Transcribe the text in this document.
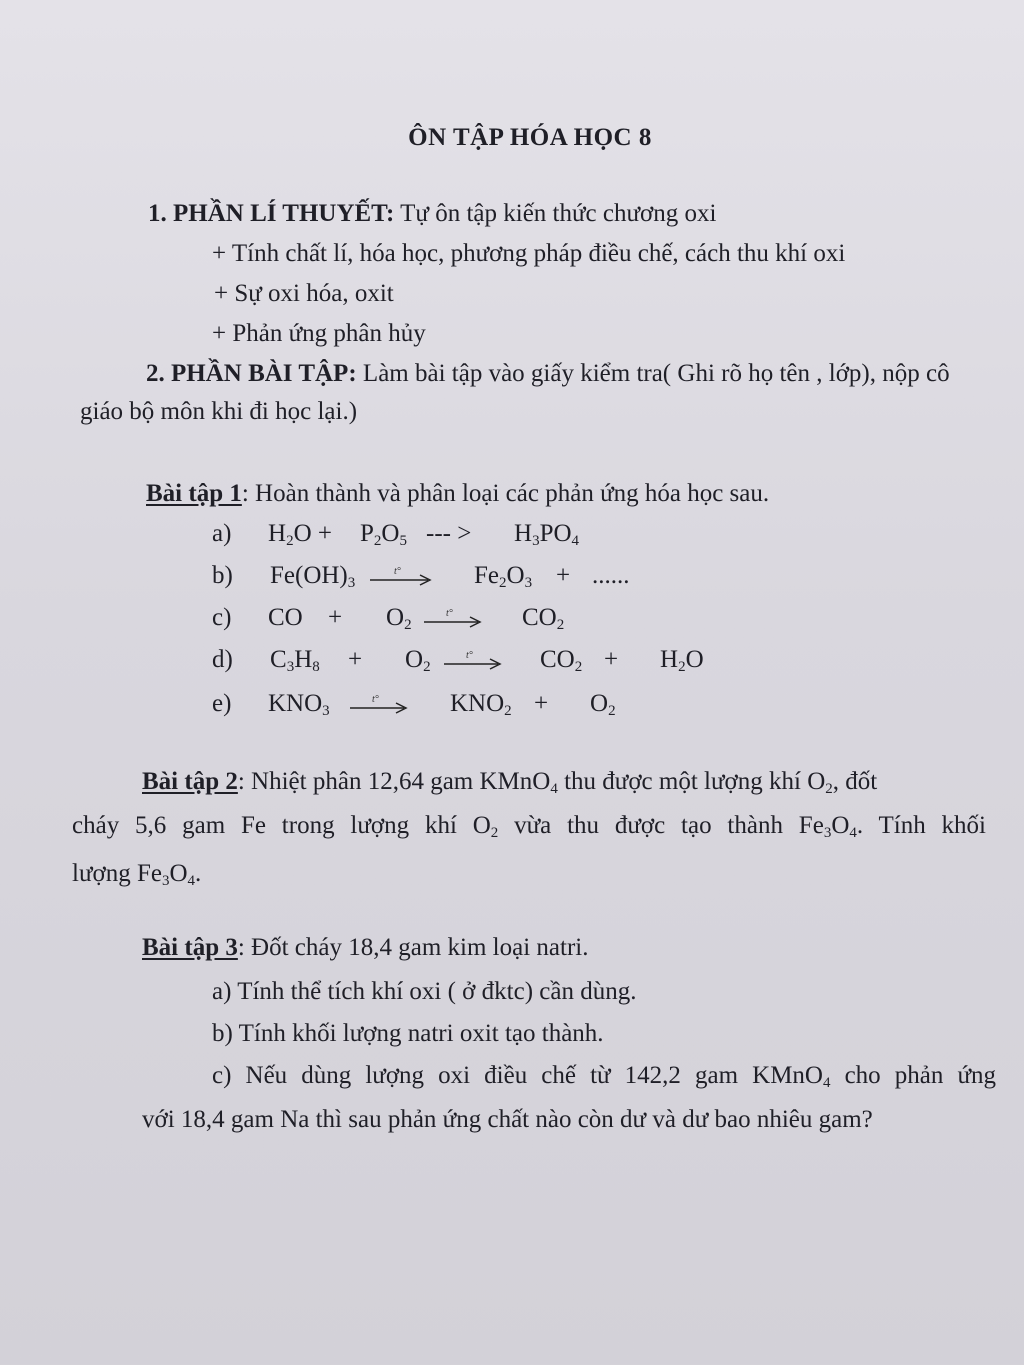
ÔN TẬP HÓA HỌC 8
1. PHẦN LÍ THUYẾT: Tự ôn tập kiến thức chương oxi
+ Tính chất lí, hóa học, phương pháp điều chế, cách thu khí oxi
+ Sự oxi hóa, oxit
+ Phản ứng phân hủy
2. PHẦN BÀI TẬP: Làm bài tập vào giấy kiểm tra( Ghi rõ họ tên , lớp), nộp cô
giáo bộ môn khi đi học lại.)
Bài tập 1: Hoàn thành và phân loại các phản ứng hóa học sau.
a) $H_2O + P_2O_5$ --- > $H_3PO_4$
b) $Fe(OH)_3$
t°	$Fe_2O_3$ + ......
c) CO + $O_2$
t°	$CO_2$
d) $C_3H_8 + O_2$
t°	$CO_2 + H_2O$
e) $KNO_3$
t°	$KNO_2 + O_2$
Bài tập 2: Nhiệt phân 12,64 gam KMnO$_4$ thu được một lượng khí $O_2$, đốt
cháy 5,6 gam Fe trong lượng khí $O_2$ vừa thu được tạo thành $Fe_3O_4$. Tính khối
lượng $Fe_3O_4$.
Bài tập 3: Đốt cháy 18,4 gam kim loại natri.
a) Tính thể tích khí oxi ( ở đktc) cần dùng.
b) Tính khối lượng natri oxit tạo thành.
c) Nếu dùng lượng oxi điều chế từ 142,2 gam KMnO$_4$ cho phản ứng
với 18,4 gam Na thì sau phản ứng chất nào còn dư và dư bao nhiêu gam?
